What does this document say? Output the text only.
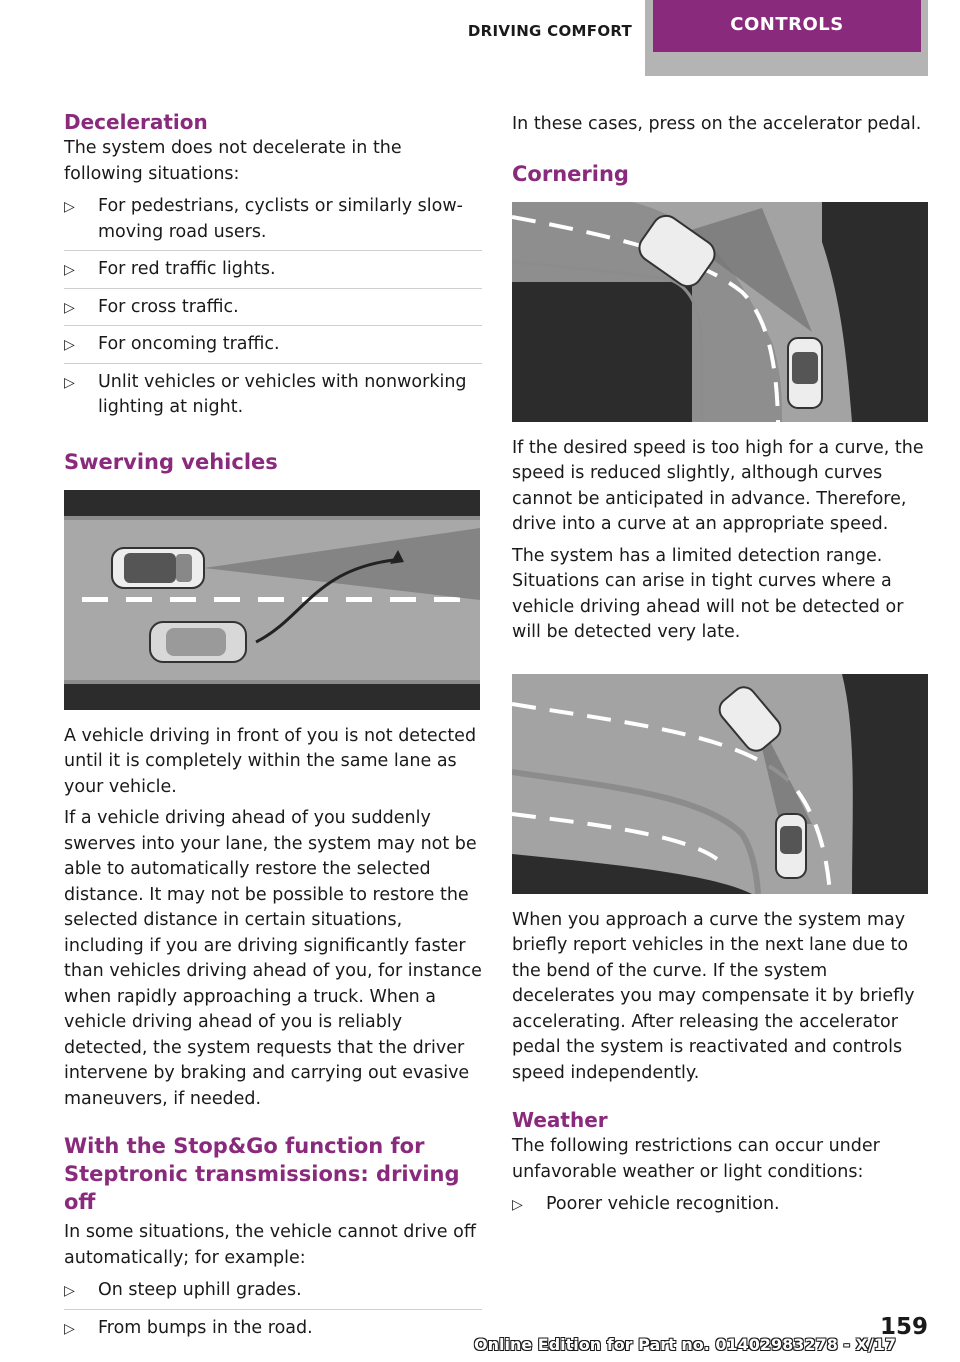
DRIVING COMFORT	CONTROLS
Deceleration

The system does not decelerate in the following situations:

▷	For pedestrians, cyclists or similarly slow-moving road users.
▷	For red traffic lights.
▷	For cross traffic.
▷	For oncoming traffic.
▷	Unlit vehicles or vehicles with nonworking lighting at night.
Swerving vehicles

A vehicle driving in front of you is not detected until it is completely within the same lane as your vehicle.

If a vehicle driving ahead of you suddenly swerves into your lane, the system may not be able to automatically restore the selected distance. It may not be possible to restore the selected distance in certain situations, including if you are driving significantly faster than vehicles driving ahead of you, for instance when rapidly approaching a truck. When a vehicle driving ahead of you is reliably detected, the system requests that the driver intervene by braking and carrying out evasive maneuvers, if needed.

With the Stop&Go function for Steptronic transmissions: driving off

In some situations, the vehicle cannot drive off automatically; for example:

▷	On steep uphill grades.
▷	From bumps in the road.

In these cases, press on the accelerator pedal.

Cornering

If the desired speed is too high for a curve, the speed is reduced slightly, although curves cannot be anticipated in advance. Therefore, drive into a curve at an appropriate speed.

The system has a limited detection range. Situations can arise in tight curves where a vehicle driving ahead will not be detected or will be detected very late.

When you approach a curve the system may briefly report vehicles in the next lane due to the bend of the curve. If the system decelerates you may compensate it by briefly accelerating. After releasing the accelerator pedal the system is reactivated and controls speed independently.

Weather

The following restrictions can occur under unfavorable weather or light conditions:

▷	Poorer vehicle recognition.
159
Online Edition for Part no. 01402983278 - X/17
